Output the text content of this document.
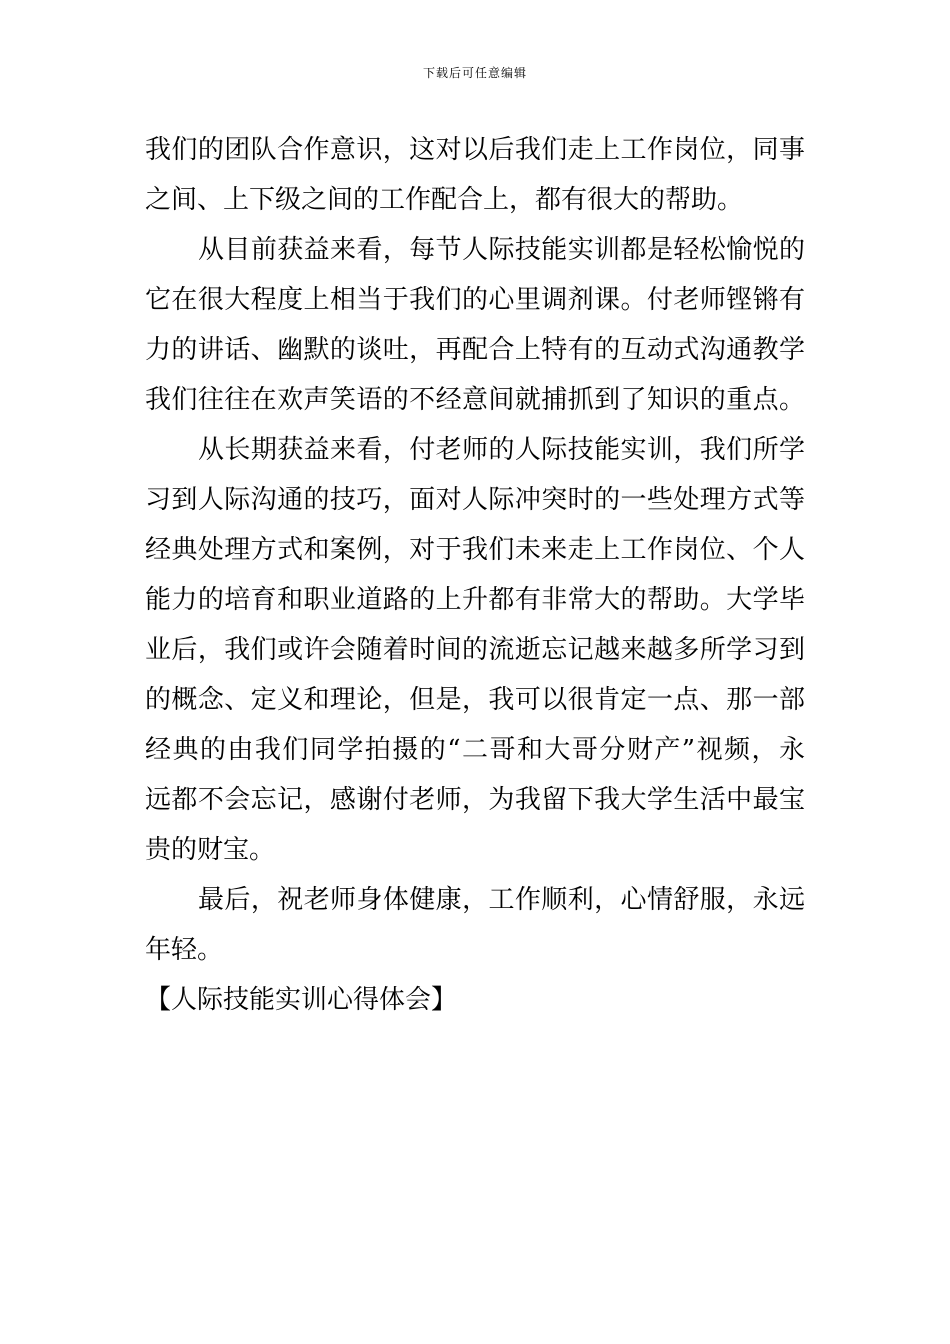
下载后可任意编辑
我们的团队合作意识，这对以后我们走上工作岗位，同事
之间、上下级之间的工作配合上，都有很大的帮助。
从目前获益来看，每节人际技能实训都是轻松愉悦的
它在很大程度上相当于我们的心里调剂课。付老师铿锵有
力的讲话、幽默的谈吐，再配合上特有的互动式沟通教学
我们往往在欢声笑语的不经意间就捕抓到了知识的重点。
从长期获益来看，付老师的人际技能实训，我们所学
习到人际沟通的技巧，面对人际冲突时的一些处理方式等
经典处理方式和案例，对于我们未来走上工作岗位、个人
能力的培育和职业道路的上升都有非常大的帮助。大学毕
业后，我们或许会随着时间的流逝忘记越来越多所学习到
的概念、定义和理论，但是，我可以很肯定一点、那一部
经典的由我们同学拍摄的“二哥和大哥分财产”视频，永
远都不会忘记，感谢付老师，为我留下我大学生活中最宝
贵的财宝。
最后，祝老师身体健康，工作顺利，心情舒服，永远
年轻。
【人际技能实训心得体会】
